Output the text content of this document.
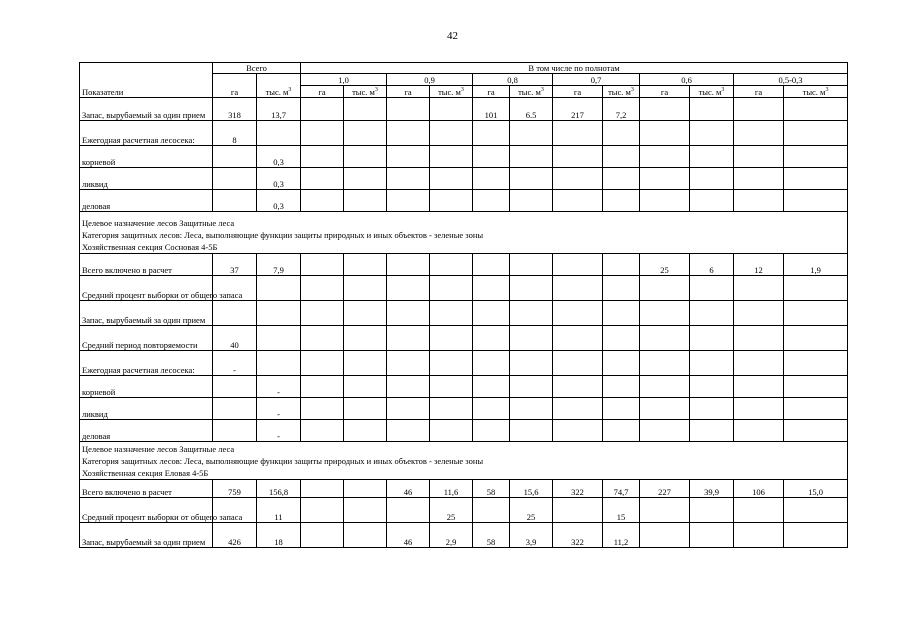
42
Показатели	Всего		В том числе по полнотам											
	га	тыс. $м^3$	1,0		0,9		0,8		0,7		0,6		0,5-0,3	
			га	тыс. $м^3$	га	тыс. $м^3$	га	тыс. $м^3$	га	тыс. $м^3$	га	тыс. $м^3$	га	тыс. $м^3$
Запас, вырубаемый за один прием	318	13,7					101	6.5	217	7,2				
Ежегодная расчетная лесосека:	8													
корневой		0,3												
ликвид		0,3												
деловая		0,3												

Целевое назначение лесов Защитные леса
Категория защитных лесов: Леса, выполняющие функции защиты природных и иных объектов - зеленые зоны
Хозяйственная секция Сосновая 4-5Б														

Всего включено в расчет	37	7,9									25	6	12	1,9
Средний процент выборки от общего запаса														
Запас, вырубаемый за один прием														
Средний период повторяемости	40													
Ежегодная расчетная лесосека:	-													
корневой		-												
ликвид		-												
деловая		-												

Целевое назначение лесов Защитные леса
Категория защитных лесов: Леса, выполняющие функции защиты природных и иных объектов - зеленые зоны
Хозяйственная секция Еловая 4-5Б														

Всего включено в расчет	759	156,8			46	11,6	58	15,6	322	74,7	227	39,9	106	15,0
Средний процент выборки от общего запаса		11				25		25		15				
Запас, вырубаемый за один прием	426	18			46	2,9	58	3,9	322	11,2				
